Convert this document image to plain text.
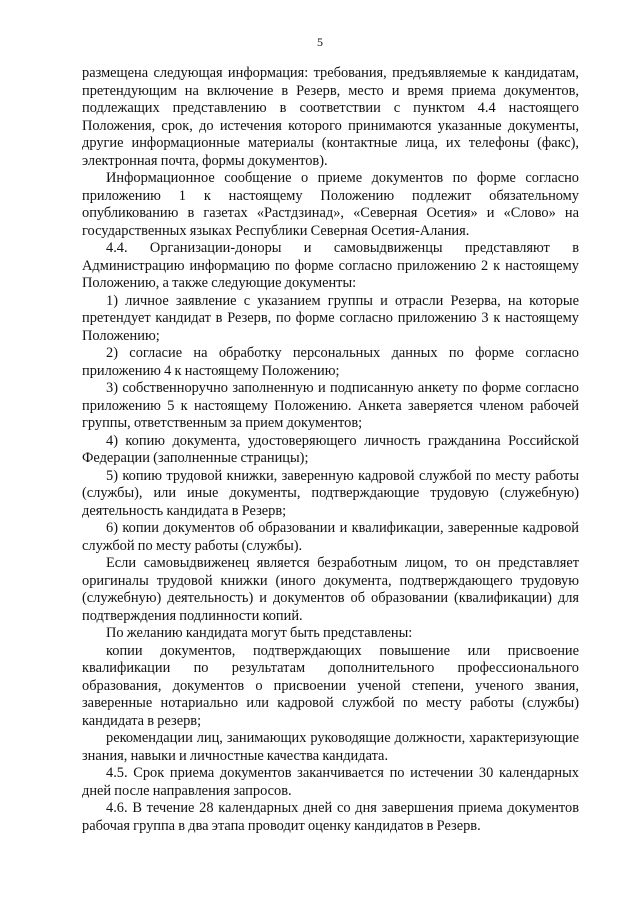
5

размещена следующая информация: требования, предъявляемые к кандидатам, претендующим на включение в Резерв, место и время приема документов, подлежащих представлению в соответствии с пунктом 4.4 настоящего Положения, срок, до истечения которого принимаются указанные документы, другие информационные материалы (контактные лица, их телефоны (факс), электронная почта, формы документов).

Информационное сообщение о приеме документов по форме согласно приложению 1 к настоящему Положению подлежит обязательному опубликованию в газетах «Растдзинад», «Северная Осетия» и «Слово» на государственных языках Республики Северная Осетия-Алания.

4.4. Организации-доноры и самовыдвиженцы представляют в Администрацию информацию по форме согласно приложению 2 к настоящему Положению, а также следующие документы:

1) личное заявление с указанием группы и отрасли Резерва, на которые претендует кандидат в Резерв, по форме согласно приложению 3 к настоящему Положению;

2) согласие на обработку персональных данных по форме согласно приложению 4 к настоящему Положению;

3) собственноручно заполненную и подписанную анкету по форме согласно приложению 5 к настоящему Положению. Анкета заверяется членом рабочей группы, ответственным за прием документов;

4) копию документа, удостоверяющего личность гражданина Российской Федерации (заполненные страницы);

5) копию трудовой книжки, заверенную кадровой службой по месту работы (службы), или иные документы, подтверждающие трудовую (служебную) деятельность кандидата в Резерв;

6) копии документов об образовании и квалификации, заверенные кадровой службой по месту работы (службы).

Если самовыдвиженец является безработным лицом, то он представляет оригиналы трудовой книжки (иного документа, подтверждающего трудовую (служебную) деятельность) и документов об образовании (квалификации) для подтверждения подлинности копий.

По желанию кандидата могут быть представлены:

копии документов, подтверждающих повышение или присвоение квалификации по результатам дополнительного профессионального образования, документов о присвоении ученой степени, ученого звания, заверенные нотариально или кадровой службой по месту работы (службы) кандидата в резерв;

рекомендации лиц, занимающих руководящие должности, характеризующие знания, навыки и личностные качества кандидата.

4.5. Срок приема документов заканчивается по истечении 30 календарных дней после направления запросов.

4.6. В течение 28 календарных дней со дня завершения приема документов рабочая группа в два этапа проводит оценку кандидатов в Резерв.
